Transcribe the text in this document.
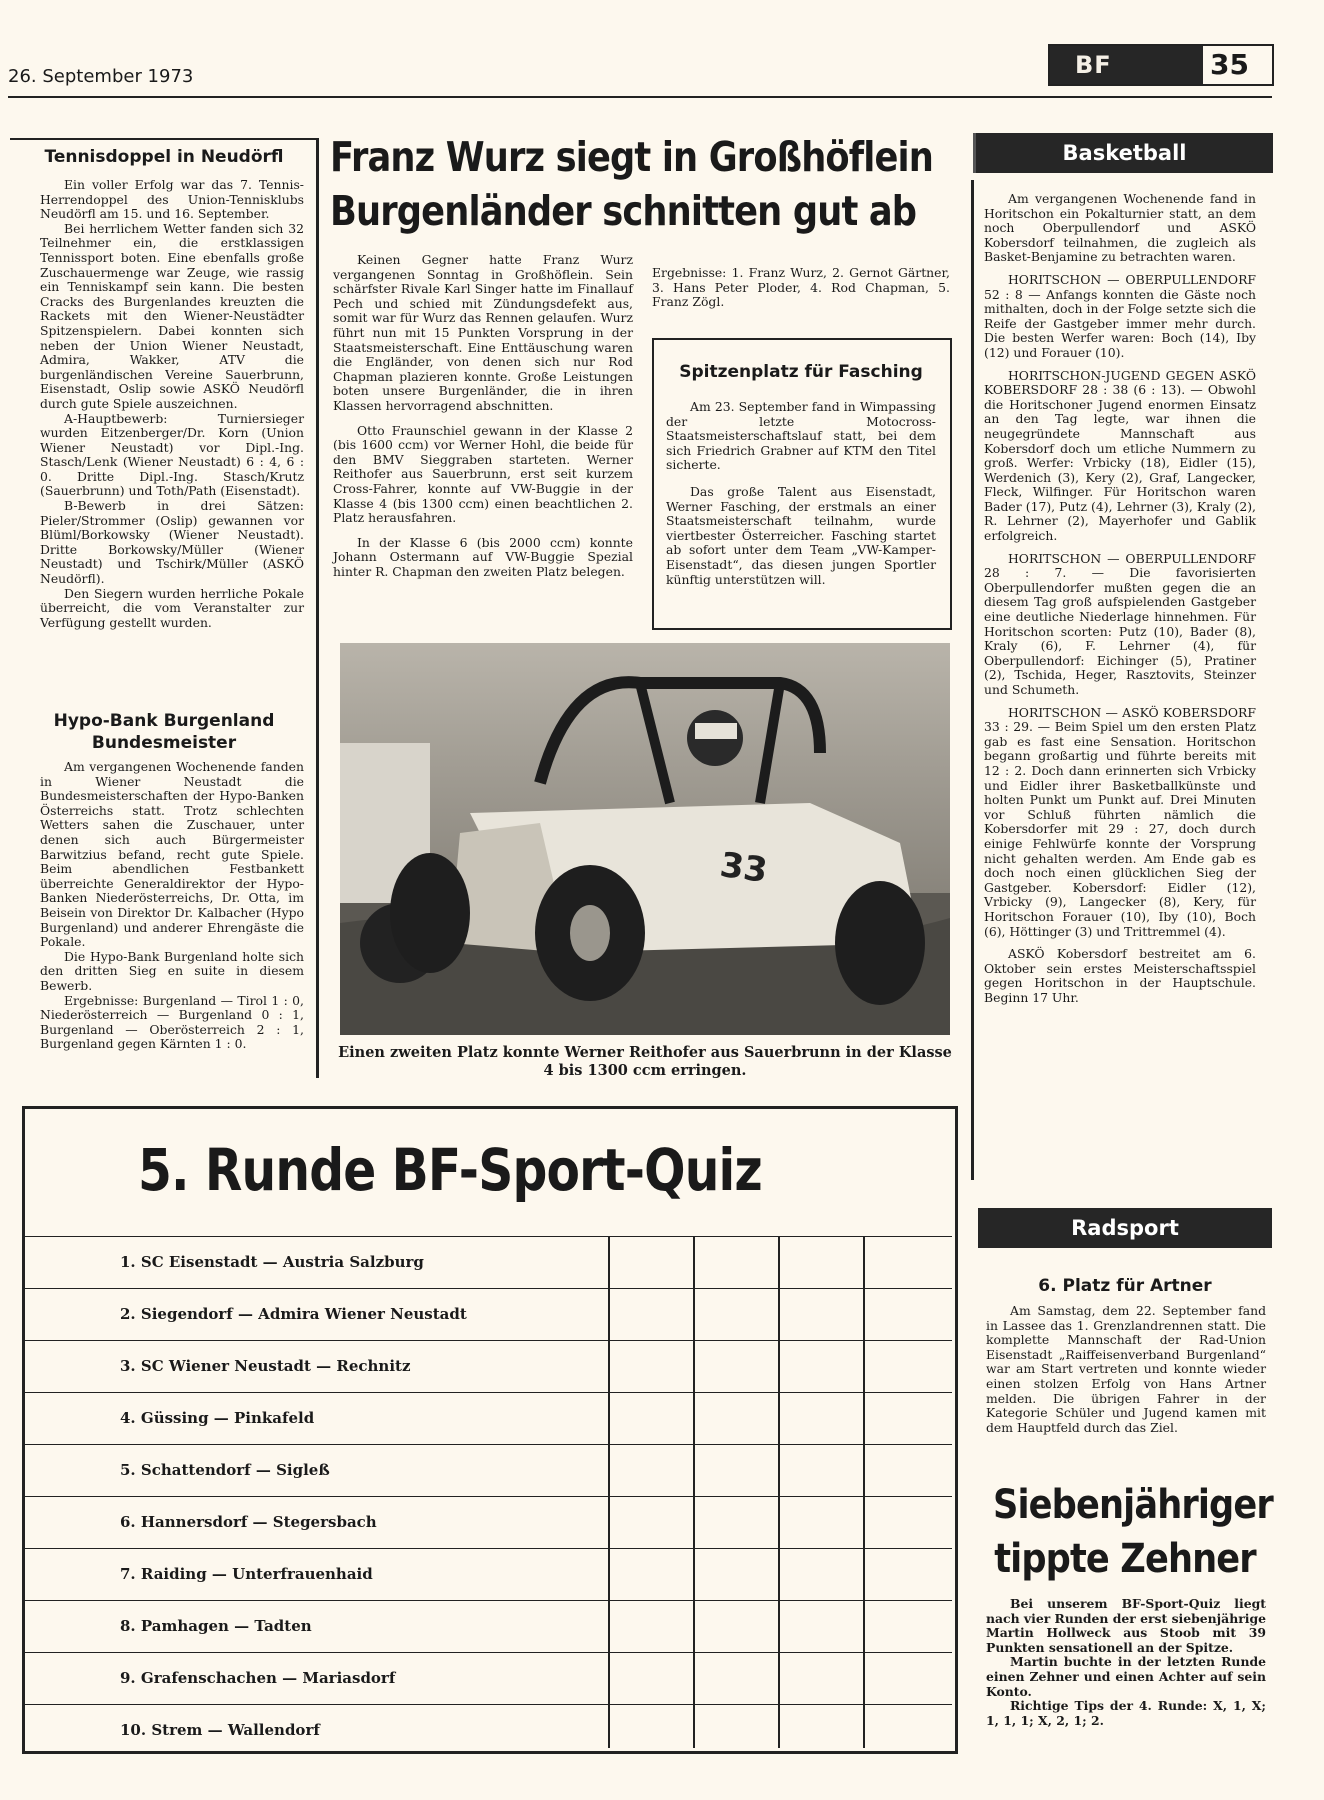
26. September 1973	BF	35
Tennisdoppel in Neudörfl

Ein voller Erfolg war das 7. Tennis-Herrendoppel des Union-Tennisklubs Neudörfl am 15. und 16. September.

Bei herrlichem Wetter fanden sich 32 Teilnehmer ein, die erstklassigen Tennissport boten. Eine ebenfalls große Zuschauermenge war Zeuge, wie rassig ein Tenniskampf sein kann. Die besten Cracks des Burgenlandes kreuzten die Rackets mit den Wiener-Neustädter Spitzenspielern. Dabei konnten sich neben der Union Wiener Neustadt, Admira, Wakker, ATV die burgenländischen Vereine Sauerbrunn, Eisenstadt, Oslip sowie ASKÖ Neudörfl durch gute Spiele auszeichnen.

A-Hauptbewerb: Turniersieger wurden Eitzenberger/Dr. Korn (Union Wiener Neustadt) vor Dipl.-Ing. Stasch/Lenk (Wiener Neustadt) 6 : 4, 6 : 0. Dritte Dipl.-Ing. Stasch/Krutz (Sauerbrunn) und Toth/Path (Eisenstadt).

B-Bewerb in drei Sätzen: Pieler/Strommer (Oslip) gewannen vor Blüml/Borkowsky (Wiener Neustadt). Dritte Borkowsky/Müller (Wiener Neustadt) und Tschirk/Müller (ASKÖ Neudörfl).

Den Siegern wurden herrliche Pokale überreicht, die vom Veranstalter zur Verfügung gestellt wurden.

Hypo-Bank Burgenland
Bundesmeister

Am vergangenen Wochenende fanden in Wiener Neustadt die Bundesmeisterschaften der Hypo-Banken Österreichs statt. Trotz schlechten Wetters sahen die Zuschauer, unter denen sich auch Bürgermeister Barwitzius befand, recht gute Spiele. Beim abendlichen Festbankett überreichte Generaldirektor der Hypo-Banken Niederösterreichs, Dr. Otta, im Beisein von Direktor Dr. Kalbacher (Hypo Burgenland) und anderer Ehrengäste die Pokale.

Die Hypo-Bank Burgenland holte sich den dritten Sieg en suite in diesem Bewerb.

Ergebnisse: Burgenland — Tirol 1 : 0, Niederösterreich — Burgenland 0 : 1, Burgenland — Oberösterreich 2 : 1, Burgenland gegen Kärnten 1 : 0.

Franz Wurz siegt in Großhöflein
Burgenländer schnitten gut ab

Keinen Gegner hatte Franz Wurz vergangenen Sonntag in Großhöflein. Sein schärfster Rivale Karl Singer hatte im Finallauf Pech und schied mit Zündungsdefekt aus, somit war für Wurz das Rennen gelaufen. Wurz führt nun mit 15 Punkten Vorsprung in der Staatsmeisterschaft. Eine Enttäuschung waren die Engländer, von denen sich nur Rod Chapman plazieren konnte. Große Leistungen boten unsere Burgenländer, die in ihren Klassen hervorragend abschnitten.

Otto Fraunschiel gewann in der Klasse 2 (bis 1600 ccm) vor Werner Hohl, die beide für den BMV Sieggraben starteten. Werner Reithofer aus Sauerbrunn, erst seit kurzem Cross-Fahrer, konnte auf VW-Buggie in der Klasse 4 (bis 1300 ccm) einen beachtlichen 2. Platz herausfahren.

In der Klasse 6 (bis 2000 ccm) konnte Johann Ostermann auf VW-Buggie Spezial hinter R. Chapman den zweiten Platz belegen.

Ergebnisse: 1. Franz Wurz, 2. Gernot Gärtner, 3. Hans Peter Ploder, 4. Rod Chapman, 5. Franz Zögl.

Spitzenplatz für Fasching

Am 23. September fand in Wimpassing der letzte Motocross-Staatsmeisterschaftslauf statt, bei dem sich Friedrich Grabner auf KTM den Titel sicherte.

Das große Talent aus Eisenstadt, Werner Fasching, der erstmals an einer Staatsmeisterschaft teilnahm, wurde viertbester Österreicher. Fasching startet ab sofort unter dem Team „VW-Kamper-Eisenstadt“, das diesen jungen Sportler künftig unterstützen will.

33
Einen zweiten Platz konnte Werner Reithofer aus Sauerbrunn in der Klasse 4 bis 1300 ccm erringen.
Basketball

Am vergangenen Wochenende fand in Horitschon ein Pokalturnier statt, an dem noch Oberpullendorf und ASKÖ Kobersdorf teilnahmen, die zugleich als Basket-Benjamine zu betrachten waren.

HORITSCHON — OBERPULLENDORF 52 : 8 — Anfangs konnten die Gäste noch mithalten, doch in der Folge setzte sich die Reife der Gastgeber immer mehr durch. Die besten Werfer waren: Boch (14), Iby (12) und Forauer (10).

HORITSCHON-JUGEND GEGEN ASKÖ KOBERSDORF 28 : 38 (6 : 13). — Obwohl die Horitschoner Jugend enormen Einsatz an den Tag legte, war ihnen die neugegründete Mannschaft aus Kobersdorf doch um etliche Nummern zu groß. Werfer: Vrbicky (18), Eidler (15), Werdenich (3), Kery (2), Graf, Langecker, Fleck, Wilfinger. Für Horitschon waren Bader (17), Putz (4), Lehrner (3), Kraly (2), R. Lehrner (2), Mayerhofer und Gablik erfolgreich.

HORITSCHON — OBERPULLENDORF 28 : 7. — Die favorisierten Oberpullendorfer mußten gegen die an diesem Tag groß aufspielenden Gastgeber eine deutliche Niederlage hinnehmen. Für Horitschon scorten: Putz (10), Bader (8), Kraly (6), F. Lehrner (4), für Oberpullendorf: Eichinger (5), Pratiner (2), Tschida, Heger, Rasztovits, Steinzer und Schumeth.

HORITSCHON — ASKÖ KOBERSDORF 33 : 29. — Beim Spiel um den ersten Platz gab es fast eine Sensation. Horitschon begann großartig und führte bereits mit 12 : 2. Doch dann erinnerten sich Vrbicky und Eidler ihrer Basketballkünste und holten Punkt um Punkt auf. Drei Minuten vor Schluß führten nämlich die Kobersdorfer mit 29 : 27, doch durch einige Fehlwürfe konnte der Vorsprung nicht gehalten werden. Am Ende gab es doch noch einen glücklichen Sieg der Gastgeber. Kobersdorf: Eidler (12), Vrbicky (9), Langecker (8), Kery, für Horitschon Forauer (10), Iby (10), Boch (6), Höttinger (3) und Trittremmel (4).

ASKÖ Kobersdorf bestreitet am 6. Oktober sein erstes Meisterschaftsspiel gegen Horitschon in der Hauptschule. Beginn 17 Uhr.

Radsport
6. Platz für Artner

Am Samstag, dem 22. September fand in Lassee das 1. Grenzlandrennen statt. Die komplette Mannschaft der Rad-Union Eisenstadt „Raiffeisenverband Burgenland“ war am Start vertreten und konnte wieder einen stolzen Erfolg von Hans Artner melden. Die übrigen Fahrer in der Kategorie Schüler und Jugend kamen mit dem Hauptfeld durch das Ziel.

Siebenjähriger
tippte Zehner

Bei unserem BF-Sport-Quiz liegt nach vier Runden der erst siebenjährige Martin Hollweck aus Stoob mit 39 Punkten sensationell an der Spitze.

Martin buchte in der letzten Runde einen Zehner und einen Achter auf sein Konto.

Richtige Tips der 4. Runde: X, 1, X; 1, 1, 1; X, 2, 1; 2.

5. Runde BF-Sport-Quiz
1. SC Eisenstadt — Austria Salzburg
2. Siegendorf — Admira Wiener Neustadt
3. SC Wiener Neustadt — Rechnitz
4. Güssing — Pinkafeld
5. Schattendorf — Sigleß
6. Hannersdorf — Stegersbach
7. Raiding — Unterfrauenhaid
8. Pamhagen — Tadten
9. Grafenschachen — Mariasdorf
10. Strem — Wallendorf
